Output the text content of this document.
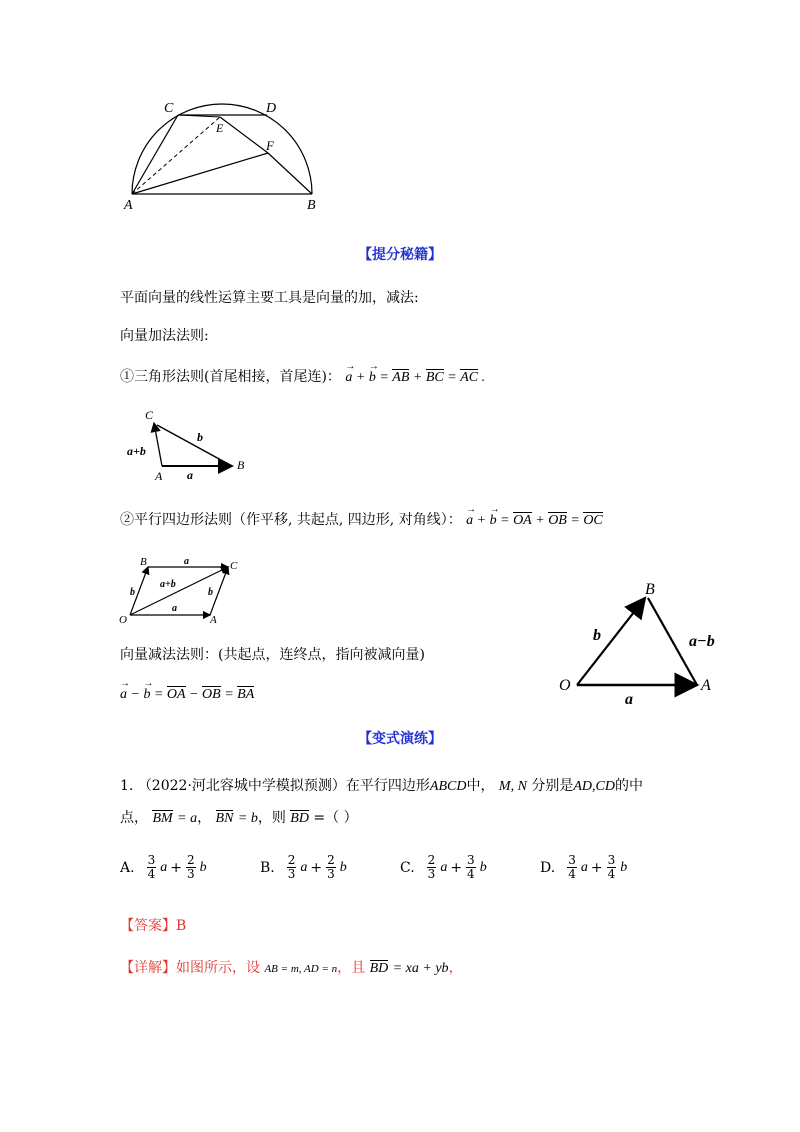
C	D
E
F
A	B
【提分秘籍】
平面向量的线性运算主要工具是向量的加，减法:
向量加法法则:
①三角形法则(首尾相接，首尾连)： → a + → b = AB + BC = AC .
C
A
B
b
a
a+b
②平行四边形法则（作平移, 共起点, 四边形, 对角线）： → a + → b = OA + OB = OC
B	C
O	A
a
a
b	b
a+b
向量减法法则：(共起点，连终点，指向被减向量)
→ a − → b = OA − OB = BA
B
O	A
b
a
a−b
【变式演练】
1. （2022·河北容城中学模拟预测）在平行四边形ABCD中， M, N 分别是AD,CD的中
点， BM = a， BN = b，则 BD =（ ）
A. $\frac{3}{4}$ $a + \frac{2}{3}$ b	B. $\frac{2}{3}$ $a + \frac{2}{3}$ b	C. $\frac{2}{3}$ $a + \frac{3}{4}$ b	D. $\frac{3}{4}$ $a + \frac{3}{4}$ b
【答案】B
【详解】如图所示，设 AB = m, AD = n，且 BD = xa + yb，
